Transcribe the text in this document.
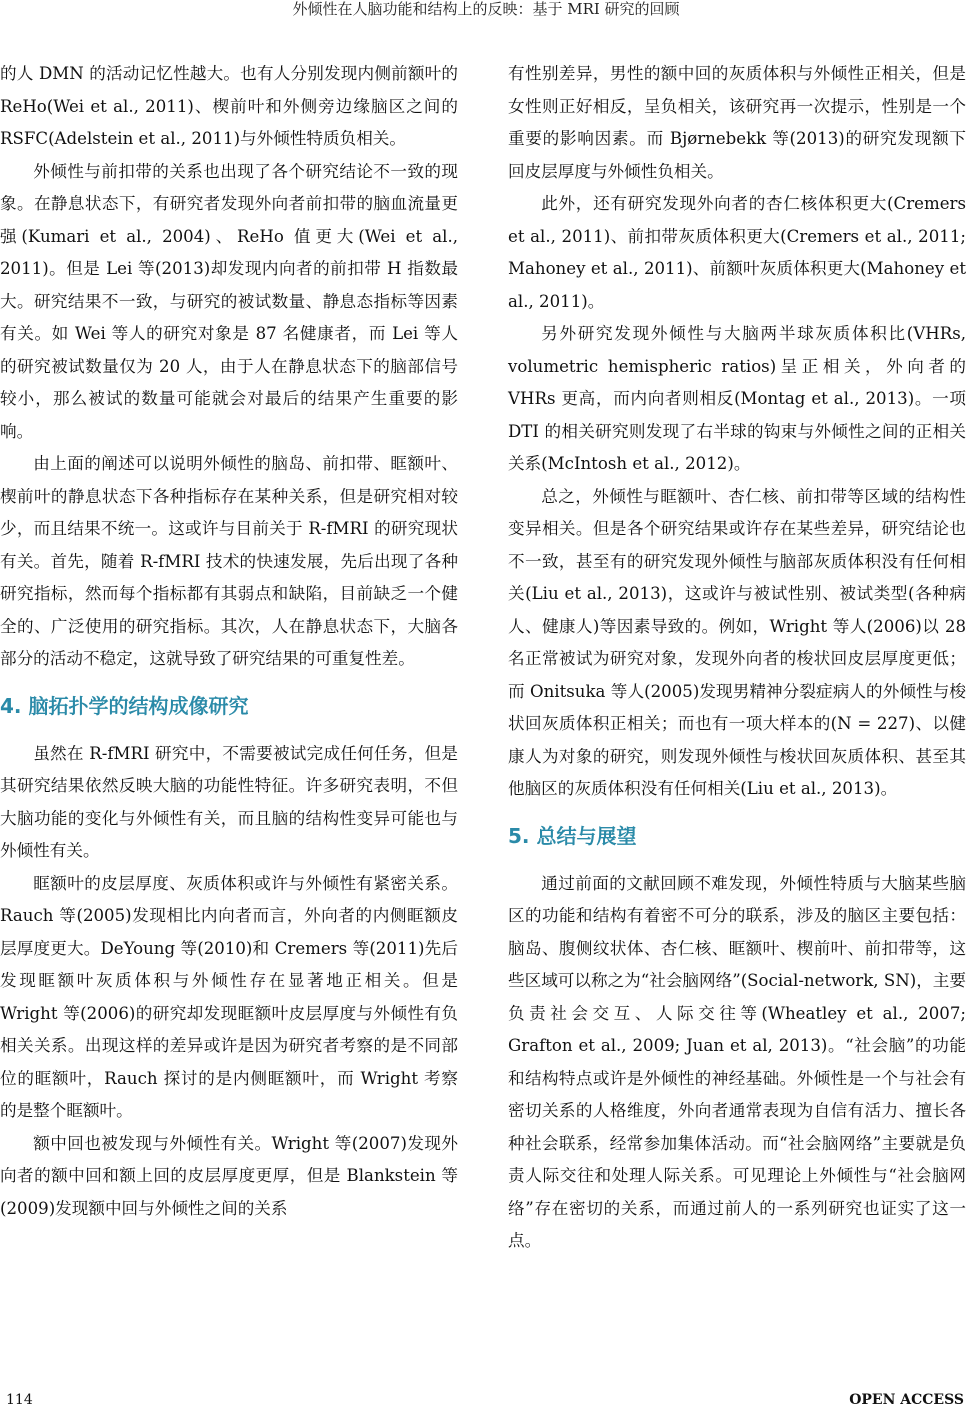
外倾性在人脑功能和结构上的反映：基于 MRI 研究的回顾

的人 DMN 的活动记忆性越大。也有人分别发现内侧前额叶的 ReHo(Wei et al., 2011)、楔前叶和外侧旁边缘脑区之间的 RSFC(Adelstein et al., 2011)与外倾性特质负相关。

外倾性与前扣带的关系也出现了各个研究结论不一致的现象。在静息状态下，有研究者发现外向者前扣带的脑血流量更强(Kumari et al., 2004)、ReHo 值更大(Wei et al., 2011)。但是 Lei 等(2013)却发现内向者的前扣带 H 指数最大。研究结果不一致，与研究的被试数量、静息态指标等因素有关。如 Wei 等人的研究对象是 87 名健康者，而 Lei 等人的研究被试数量仅为 20 人，由于人在静息状态下的脑部信号较小，那么被试的数量可能就会对最后的结果产生重要的影响。

由上面的阐述可以说明外倾性的脑岛、前扣带、眶额叶、楔前叶的静息状态下各种指标存在某种关系，但是研究相对较少，而且结果不统一。这或许与目前关于 R-fMRI 的研究现状有关。首先，随着 R-fMRI 技术的快速发展，先后出现了各种研究指标，然而每个指标都有其弱点和缺陷，目前缺乏一个健全的、广泛使用的研究指标。其次，人在静息状态下，大脑各部分的活动不稳定，这就导致了研究结果的可重复性差。

4. 脑拓扑学的结构成像研究

虽然在 R-fMRI 研究中，不需要被试完成任何任务，但是其研究结果依然反映大脑的功能性特征。许多研究表明，不但大脑功能的变化与外倾性有关，而且脑的结构性变异可能也与外倾性有关。

眶额叶的皮层厚度、灰质体积或许与外倾性有紧密关系。Rauch 等(2005)发现相比内向者而言，外向者的内侧眶额皮层厚度更大。DeYoung 等(2010)和 Cremers 等(2011)先后发现眶额叶灰质体积与外倾性存在显著地正相关。但是 Wright 等(2006)的研究却发现眶额叶皮层厚度与外倾性有负相关关系。出现这样的差异或许是因为研究者考察的是不同部位的眶额叶，Rauch 探讨的是内侧眶额叶，而 Wright 考察的是整个眶额叶。

额中回也被发现与外倾性有关。Wright 等(2007)发现外向者的额中回和额上回的皮层厚度更厚，但是 Blankstein 等(2009)发现额中回与外倾性之间的关系

有性别差异，男性的额中回的灰质体积与外倾性正相关，但是女性则正好相反，呈负相关，该研究再一次提示，性别是一个重要的影响因素。而 Bjørnebekk 等(2013)的研究发现额下回皮层厚度与外倾性负相关。

此外，还有研究发现外向者的杏仁核体积更大(Cremers et al., 2011)、前扣带灰质体积更大(Cremers et al., 2011; Mahoney et al., 2011)、前额叶灰质体积更大(Mahoney et al., 2011)。

另外研究发现外倾性与大脑两半球灰质体积比(VHRs, volumetric hemispheric ratios)呈正相关，外向者的 VHRs 更高，而内向者则相反(Montag et al., 2013)。一项 DTI 的相关研究则发现了右半球的钩束与外倾性之间的正相关关系(McIntosh et al., 2012)。

总之，外倾性与眶额叶、杏仁核、前扣带等区域的结构性变异相关。但是各个研究结果或许存在某些差异，研究结论也不一致，甚至有的研究发现外倾性与脑部灰质体积没有任何相关(Liu et al., 2013)，这或许与被试性别、被试类型(各种病人、健康人)等因素导致的。例如，Wright 等人(2006)以 28 名正常被试为研究对象，发现外向者的梭状回皮层厚度更低；而 Onitsuka 等人(2005)发现男精神分裂症病人的外倾性与梭状回灰质体积正相关；而也有一项大样本的(N = 227)、以健康人为对象的研究，则发现外倾性与梭状回灰质体积、甚至其他脑区的灰质体积没有任何相关(Liu et al., 2013)。

5. 总结与展望

通过前面的文献回顾不难发现，外倾性特质与大脑某些脑区的功能和结构有着密不可分的联系，涉及的脑区主要包括：脑岛、腹侧纹状体、杏仁核、眶额叶、楔前叶、前扣带等，这些区域可以称之为“社会脑网络”(Social-network, SN)，主要负责社会交互、人际交往等(Wheatley et al., 2007; Grafton et al., 2009; Juan et al, 2013)。“社会脑”的功能和结构特点或许是外倾性的神经基础。外倾性是一个与社会有密切关系的人格维度，外向者通常表现为自信有活力、擅长各种社会联系，经常参加集体活动。而“社会脑网络”主要就是负责人际交往和处理人际关系。可见理论上外倾性与“社会脑网络”存在密切的关系，而通过前人的一系列研究也证实了这一点。

114	OPEN ACCESS
